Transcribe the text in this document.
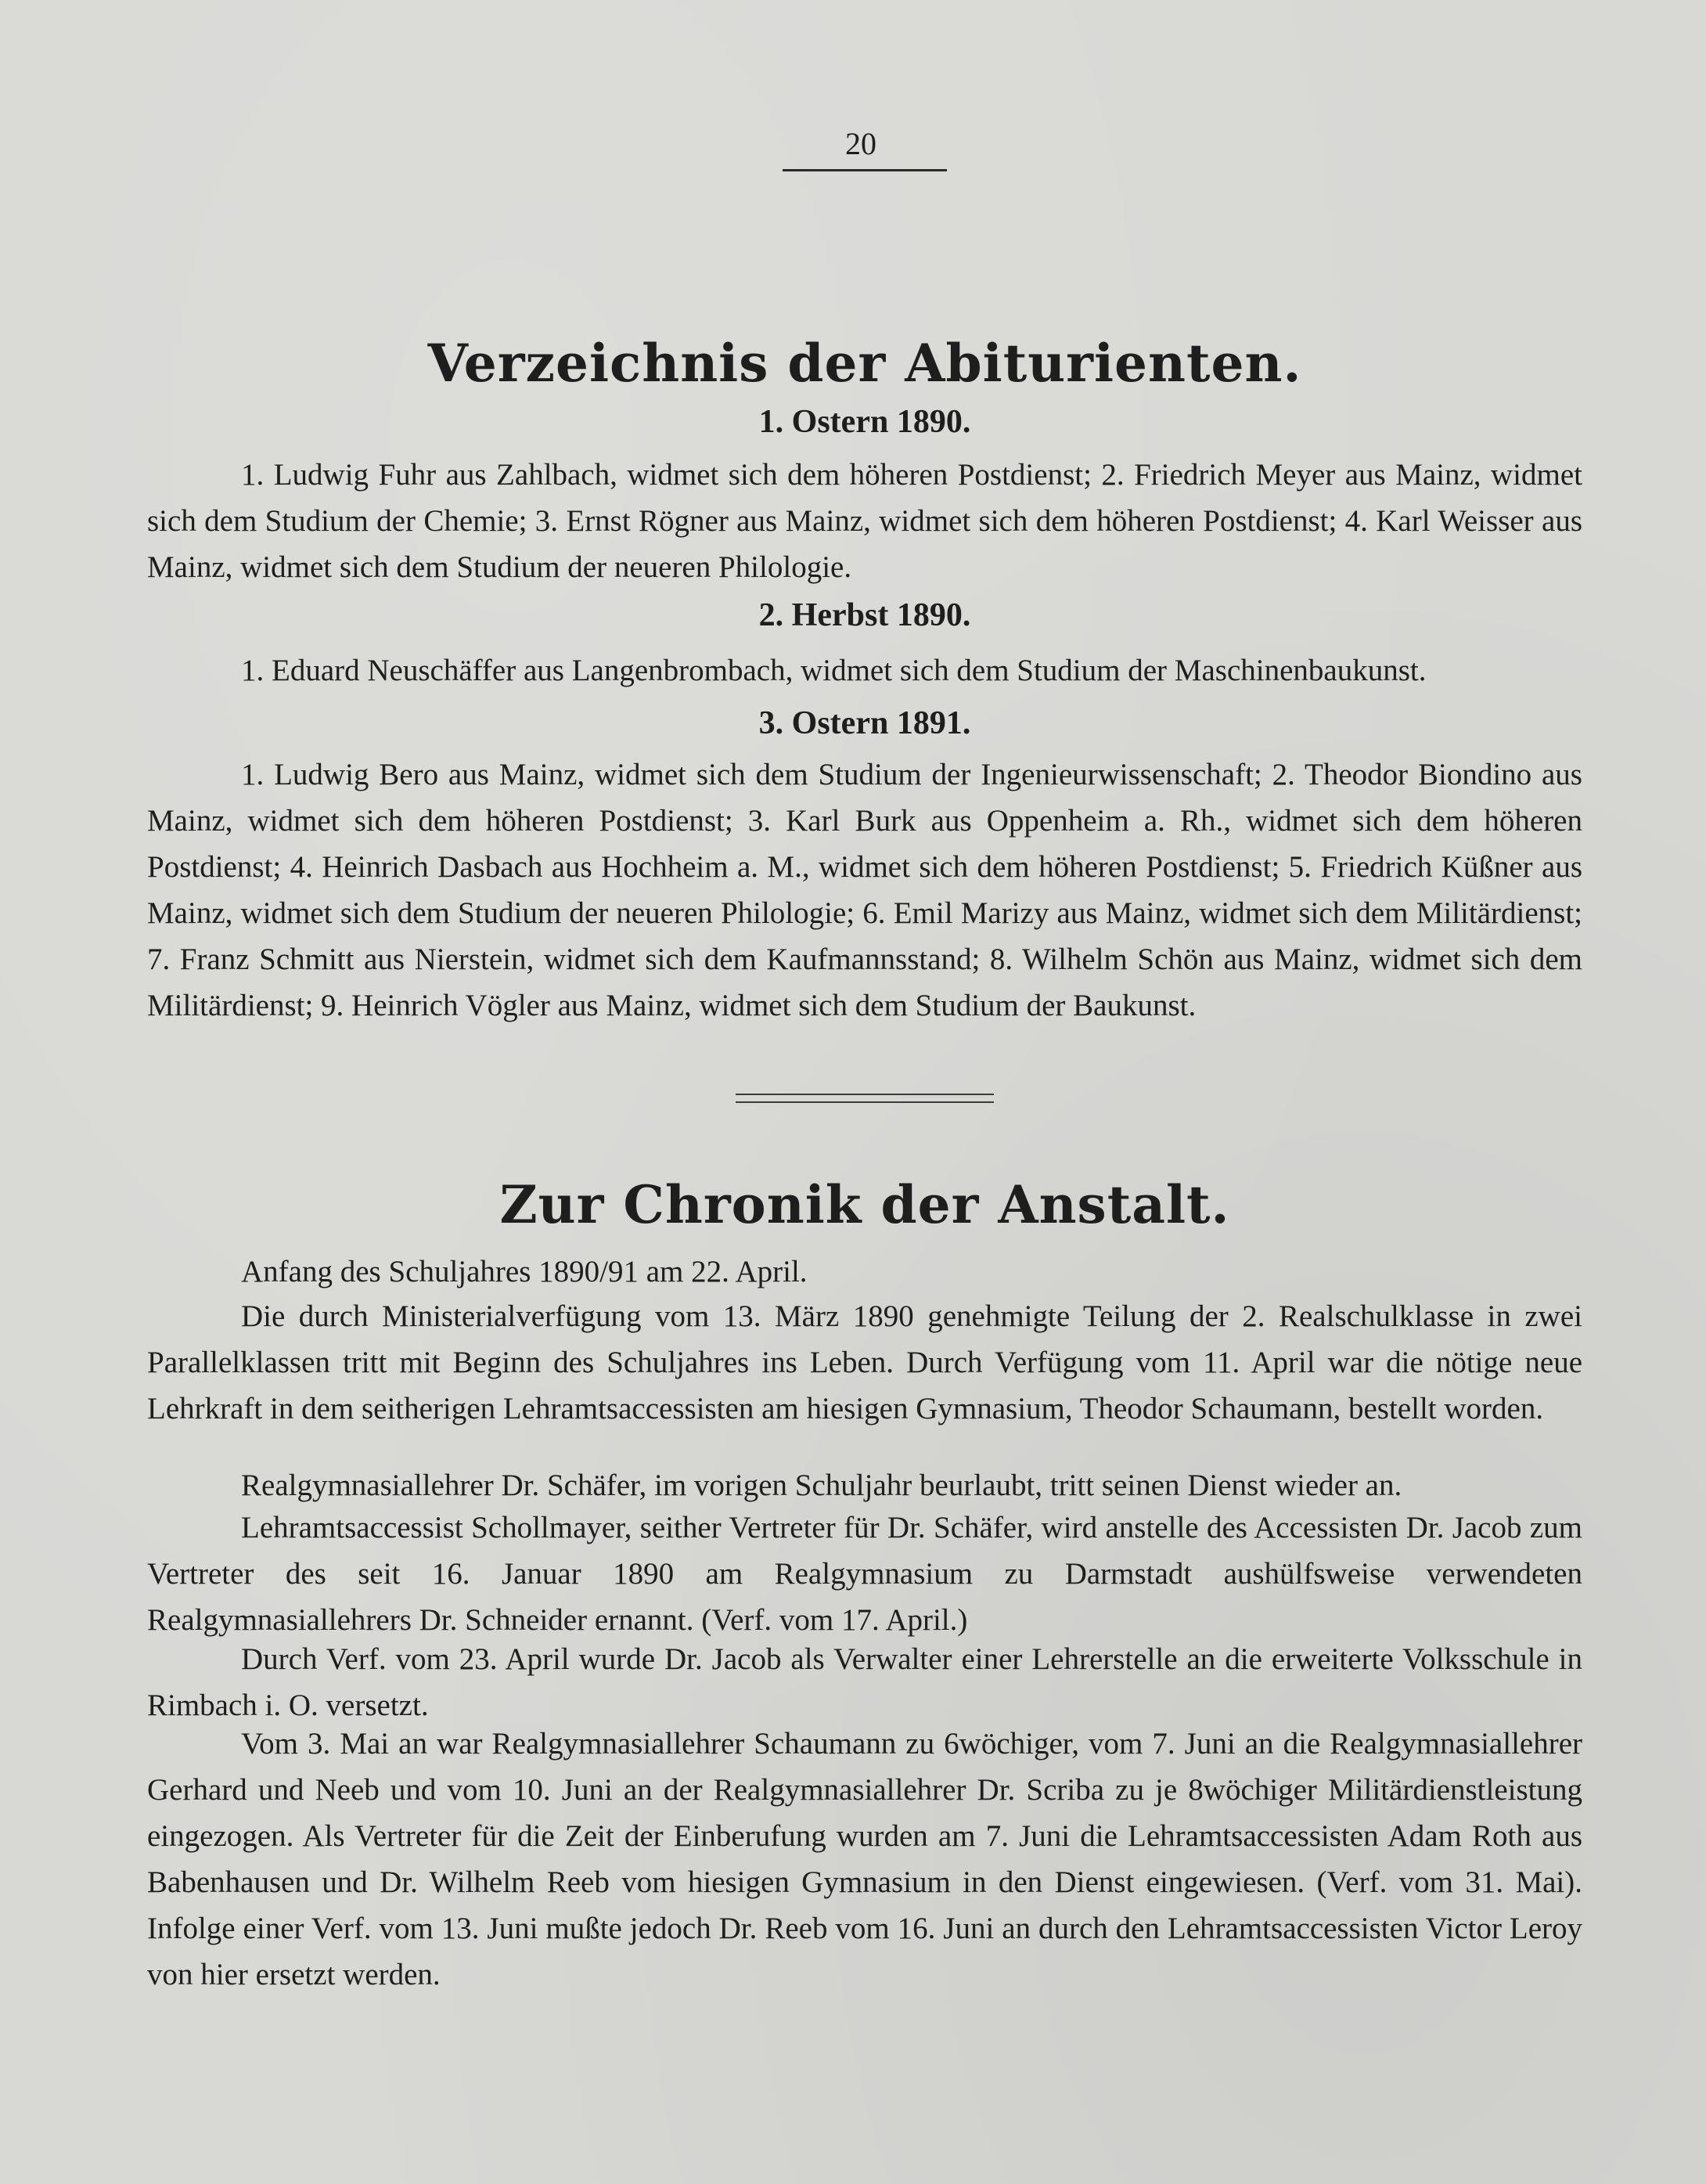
20
Verzeichnis der Abiturienten.
1. Ostern 1890.

1. Ludwig Fuhr aus Zahlbach, widmet sich dem höheren Postdienst; 2. Friedrich Meyer aus Mainz, widmet sich dem Studium der Chemie; 3. Ernst Rögner aus Mainz, widmet sich dem höheren Postdienst; 4. Karl Weisser aus Mainz, widmet sich dem Studium der neueren Philologie.

2. Herbst 1890.

1. Eduard Neuschäffer aus Langenbrombach, widmet sich dem Studium der Maschinenbaukunst.

3. Ostern 1891.

1. Ludwig Bero aus Mainz, widmet sich dem Studium der Ingenieurwissenschaft; 2. Theodor Biondino aus Mainz, widmet sich dem höheren Postdienst; 3. Karl Burk aus Oppenheim a. Rh., widmet sich dem höheren Postdienst; 4. Heinrich Dasbach aus Hochheim a. M., widmet sich dem höheren Postdienst; 5. Friedrich Küßner aus Mainz, widmet sich dem Studium der neueren Philologie; 6. Emil Marizy aus Mainz, widmet sich dem Militärdienst; 7. Franz Schmitt aus Nierstein, widmet sich dem Kaufmannsstand; 8. Wilhelm Schön aus Mainz, widmet sich dem Militärdienst; 9. Heinrich Vögler aus Mainz, widmet sich dem Studium der Baukunst.

Zur Chronik der Anstalt.

Anfang des Schuljahres 1890/91 am 22. April.

Die durch Ministerialverfügung vom 13. März 1890 genehmigte Teilung der 2. Realschulklasse in zwei Parallelklassen tritt mit Beginn des Schuljahres ins Leben. Durch Verfügung vom 11. April war die nötige neue Lehrkraft in dem seitherigen Lehramtsaccessisten am hiesigen Gymnasium, Theodor Schaumann, bestellt worden.

Realgymnasiallehrer Dr. Schäfer, im vorigen Schuljahr beurlaubt, tritt seinen Dienst wieder an.

Lehramtsaccessist Schollmayer, seither Vertreter für Dr. Schäfer, wird anstelle des Accessisten Dr. Jacob zum Vertreter des seit 16. Januar 1890 am Realgymnasium zu Darmstadt aushülfsweise verwendeten Realgymnasiallehrers Dr. Schneider ernannt. (Verf. vom 17. April.)

Durch Verf. vom 23. April wurde Dr. Jacob als Verwalter einer Lehrerstelle an die erweiterte Volksschule in Rimbach i. O. versetzt.

Vom 3. Mai an war Realgymnasiallehrer Schaumann zu 6wöchiger, vom 7. Juni an die Realgymnasiallehrer Gerhard und Neeb und vom 10. Juni an der Realgymnasiallehrer Dr. Scriba zu je 8wöchiger Militärdienstleistung eingezogen. Als Vertreter für die Zeit der Einberufung wurden am 7. Juni die Lehramtsaccessisten Adam Roth aus Babenhausen und Dr. Wilhelm Reeb vom hiesigen Gymnasium in den Dienst eingewiesen. (Verf. vom 31. Mai). Infolge einer Verf. vom 13. Juni mußte jedoch Dr. Reeb vom 16. Juni an durch den Lehramtsaccessisten Victor Leroy von hier ersetzt werden.
